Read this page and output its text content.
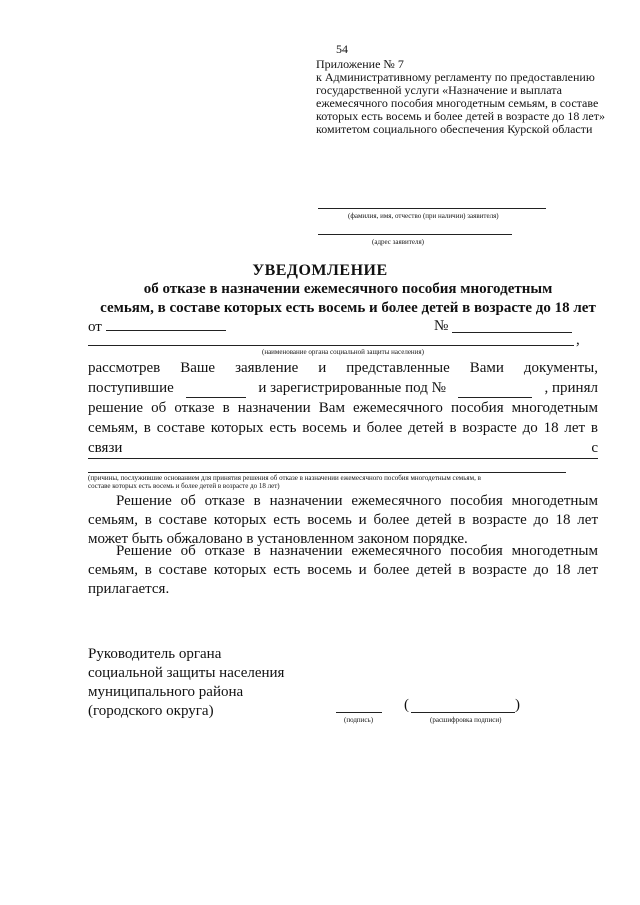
54
Приложение № 7
к Административному регламенту по предоставлению
государственной услуги «Назначение и выплата
ежемесячного пособия многодетным семьям, в составе
которых есть восемь и более детей в возрасте до 18 лет»
комитетом социального обеспечения Курской области
(фамилия, имя, отчество (при наличии) заявителя)
(адрес заявителя)
УВЕДОМЛЕНИЕ
об отказе в назначении ежемесячного пособия многодетным
семьям, в составе которых есть восемь и более детей в возрасте до 18 лет
от	№
,
(наименование органа социальной защиты населения)
рассмотрев Ваше заявление и представленные Вами документы,
поступившие	и зарегистрированные под №	, принял
решение об отказе в назначении Вам ежемесячного пособия многодетным
семьям, в составе которых есть восемь и более детей в возрасте до 18 лет в
связи	с
(причины, послужившие основанием для принятия решения об отказе в назначении ежемесячного пособия многодетным семьям, в
составе которых есть восемь и более детей в возрасте до 18 лет)
Решение об отказе в назначении ежемесячного пособия многодетным семьям, в составе которых есть восемь и более детей в возрасте до 18 лет может быть обжаловано в установленном законом порядке.
Решение об отказе в назначении ежемесячного пособия многодетным семьям, в составе которых есть восемь и более детей в возрасте до 18 лет прилагается.
Руководитель органа
социальной защиты населения
муниципального района
(городского округа)
(подпись)
(	)
(расшифровка подписи)
